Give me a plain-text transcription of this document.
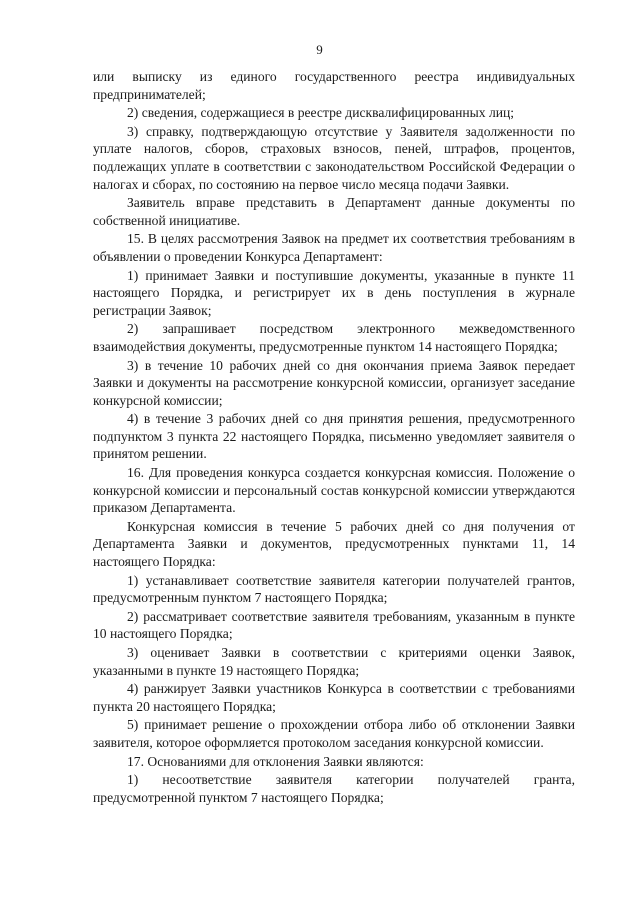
9

или выписку из единого государственного реестра индивидуальных предпринимателей;

2) сведения, содержащиеся в реестре дисквалифицированных лиц;

3) справку, подтверждающую отсутствие у Заявителя задолженности по уплате налогов, сборов, страховых взносов, пеней, штрафов, процентов, подлежащих уплате в соответствии с законодательством Российской Федерации о налогах и сборах, по состоянию на первое число месяца подачи Заявки.

Заявитель вправе представить в Департамент данные документы по собственной инициативе.

15. В целях рассмотрения Заявок на предмет их соответствия требованиям в объявлении о проведении Конкурса Департамент:

1) принимает Заявки и поступившие документы, указанные в пункте 11 настоящего Порядка, и регистрирует их в день поступления в журнале регистрации Заявок;

2) запрашивает посредством электронного межведомственного взаимодействия документы, предусмотренные пунктом 14 настоящего Порядка;

3) в течение 10 рабочих дней со дня окончания приема Заявок передает Заявки и документы на рассмотрение конкурсной комиссии, организует заседание конкурсной комиссии;

4) в течение 3 рабочих дней со дня принятия решения, предусмотренного подпунктом 3 пункта 22 настоящего Порядка, письменно уведомляет заявителя о принятом решении.

16. Для проведения конкурса создается конкурсная комиссия. Положение о конкурсной комиссии и персональный состав конкурсной комиссии утверждаются приказом Департамента.

Конкурсная комиссия в течение 5 рабочих дней со дня получения от Департамента Заявки и документов, предусмотренных пунктами 11, 14 настоящего Порядка:

1) устанавливает соответствие заявителя категории получателей грантов, предусмотренным пунктом 7 настоящего Порядка;

2) рассматривает соответствие заявителя требованиям, указанным в пункте 10 настоящего Порядка;

3) оценивает Заявки в соответствии с критериями оценки Заявок, указанными в пункте 19 настоящего Порядка;

4) ранжирует Заявки участников Конкурса в соответствии с требованиями пункта 20 настоящего Порядка;

5) принимает решение о прохождении отбора либо об отклонении Заявки заявителя, которое оформляется протоколом заседания конкурсной комиссии.

17. Основаниями для отклонения Заявки являются:

1) несоответствие заявителя категории получателей гранта, предусмотренной пунктом 7 настоящего Порядка;
